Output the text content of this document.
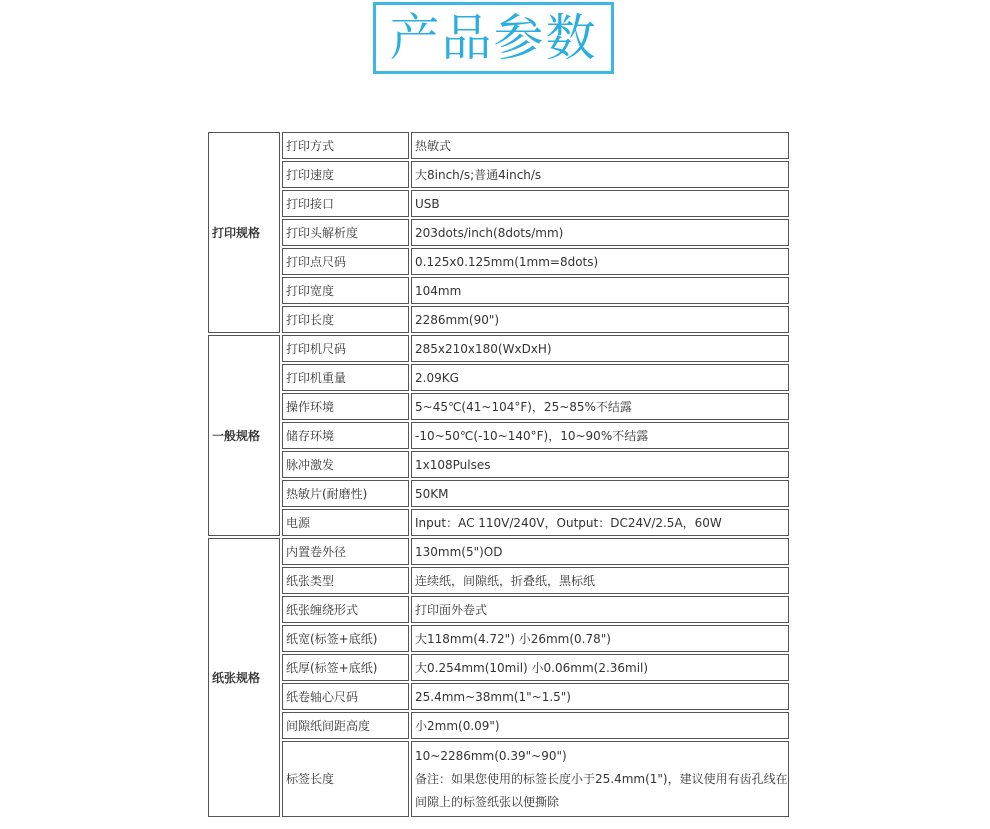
产品参数
打印规格	打印方式	热敏式

	打印速度	大8inch/s;普通4inch/s

	打印接口	USB

	打印头解析度	203dots/inch(8dots/mm)

	打印点尺码	0.125x0.125mm(1mm=8dots)

	打印宽度	104mm

	打印长度	2286mm(90")

一般规格	打印机尺码	285x210x180(WxDxH)

	打印机重量	2.09KG

	操作环境	5~45℃(41~104°F)，25~85%不结露

	储存环境	-10~50℃(-10~140°F)，10~90%不结露

	脉冲激发	1x108Pulses

	热敏片(耐磨性)	50KM

	电源	Input：AC 110V/240V，Output：DC24V/2.5A，60W

纸张规格	内置卷外径	130mm(5")OD

	纸张类型	连续纸，间隙纸，折叠纸，黑标纸

	纸张缠绕形式	打印面外卷式

	纸宽(标签+底纸)	大118mm(4.72") 小26mm(0.78")

	纸厚(标签+底纸)	大0.254mm(10mil) 小0.06mm(2.36mil)

	纸卷轴心尺码	25.4mm~38mm(1"~1.5")

	间隙纸间距高度	小2mm(0.09")

	标签长度	10~2286mm(0.39"~90")
备注：如果您使用的标签长度小于25.4mm(1")，建议使用有齿孔线在
间隙上的标签纸张以便撕除
